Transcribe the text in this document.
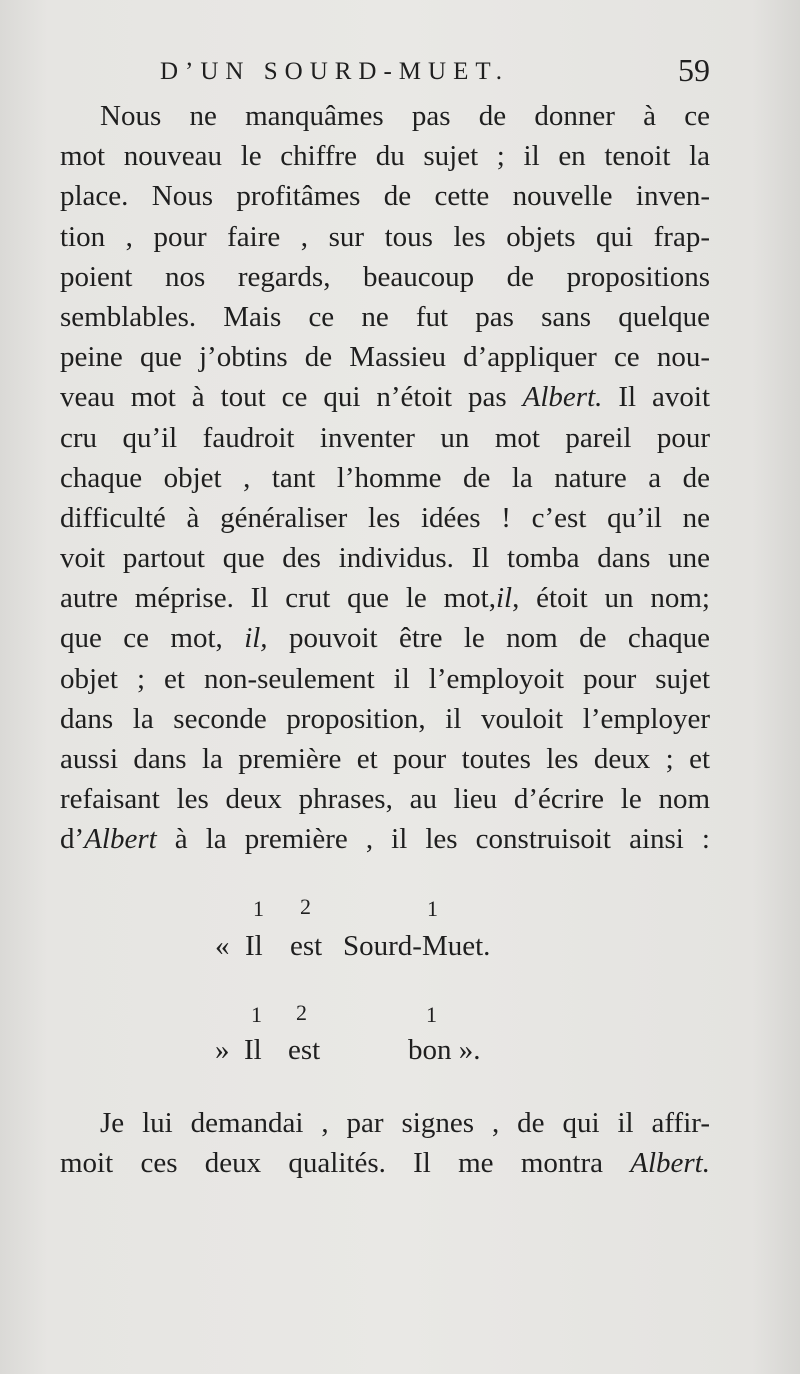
D’UN SOURD-MUET.	59
Nous ne manquâmes pas de donner à ce
mot nouveau le chiffre du sujet ; il en tenoit la
place. Nous profitâmes de cette nouvelle inven-
tion , pour faire , sur tous les objets qui frap-
poient nos regards, beaucoup de propositions
semblables. Mais ce ne fut pas sans quelque
peine que j’obtins de Massieu d’appliquer ce nou-
veau mot à tout ce qui n’étoit pas Albert. Il avoit
cru qu’il faudroit inventer un mot pareil pour
chaque objet , tant l’homme de la nature a de
difficulté à généraliser les idées ! c’est qu’il ne
voit partout que des individus. Il tomba dans une
autre méprise. Il crut que le mot,il, étoit un nom;
que ce mot, il, pouvoit être le nom de chaque
objet ; et non-seulement il l’employoit pour sujet
dans la seconde proposition, il vouloit l’employer
aussi dans la première et pour toutes les deux ; et
refaisant les deux phrases, au lieu d’écrire le nom
d’Albert à la première , il les construisoit ainsi :
1 2	1
« Il est Sourd-Muet.
1 2	1
» Il est	bon ».
Je lui demandai , par signes , de qui il affir-
moit ces deux qualités. Il me montra Albert.
